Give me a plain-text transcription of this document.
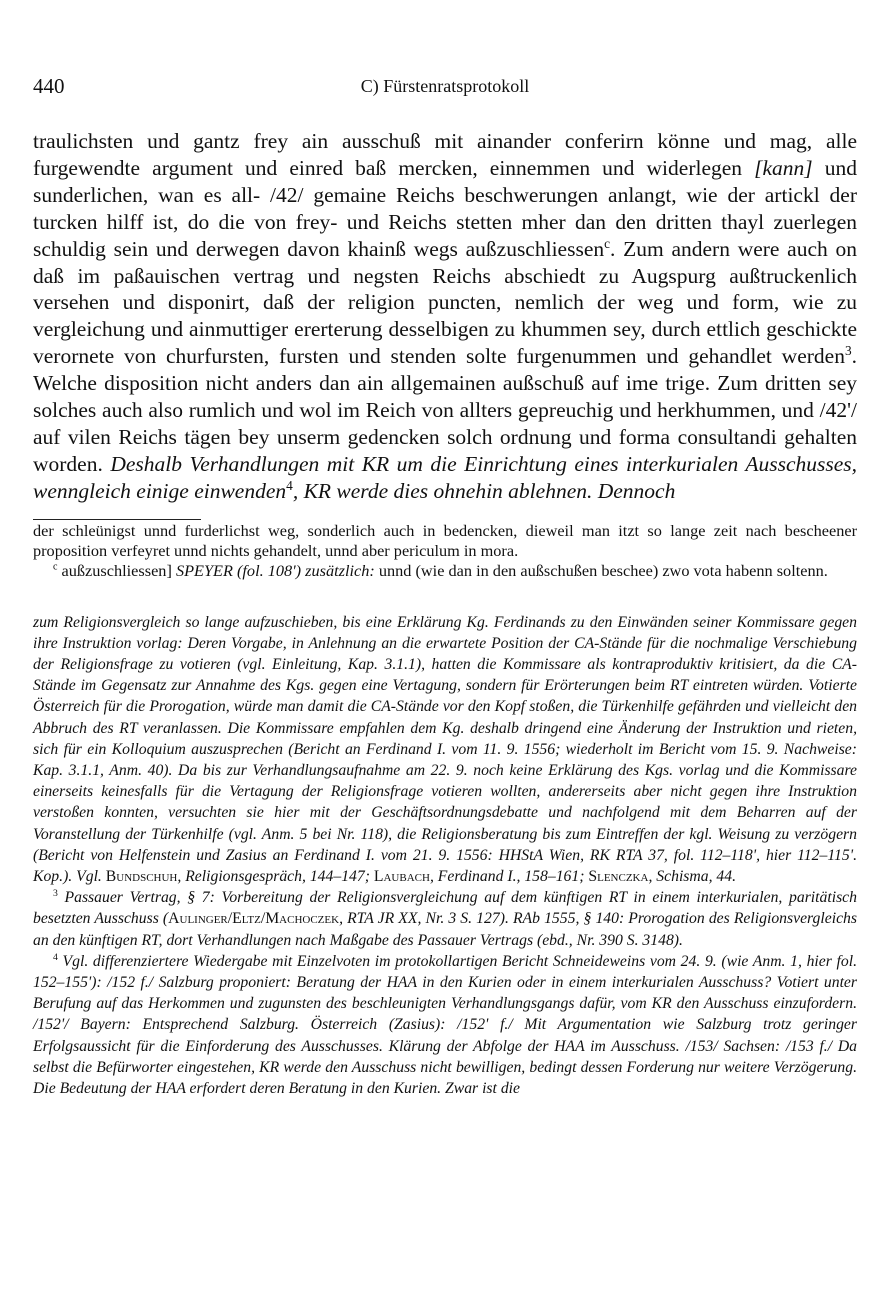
440	C) Fürstenratsprotokoll

traulichsten und gantz frey ain ausschuß mit ainander conferirn könne und mag, alle furgewendte argument und einred baß mercken, einnemmen und widerlegen [kann] und sunderlichen, wan es all- /42/ gemaine Reichs beschwerungen anlangt, wie der artickl der turcken hilff ist, do die von frey- und Reichs stetten mher dan den dritten thayl zuerlegen schuldig sein und derwegen davon khainß wegs außzuschliessen$^c$. Zum andern were auch on daß im paßauischen vertrag und negsten Reichs abschiedt zu Augspurg außtruckenlich versehen und disponirt, daß der religion puncten, nemlich der weg und form, wie zu vergleichung und ainmuttiger ererterung desselbigen zu khummen sey, durch ettlich geschickte verornete von churfursten, fursten und stenden solte furgenummen und gehandlet werden$^3$. Welche disposition nicht anders dan ain allgemainen außschuß auf ime trige. Zum dritten sey solches auch also rumlich und wol im Reich von allters gepreuchig und herkhummen, und /42'/ auf vilen Reichs tägen bey unserm gedencken solch ordnung und forma consultandi gehalten worden. Deshalb Verhandlungen mit KR um die Einrichtung eines interkurialen Ausschusses, wenngleich einige einwenden$^4$, KR werde dies ohnehin ablehnen. Dennoch

der schleünigst unnd furderlichst weg, sonderlich auch in bedencken, dieweil man itzt so lange zeit nach bescheener proposition verfeyret unnd nichts gehandelt, unnd aber periculum in mora.

$^c$ außzuschliessen] SPEYER (fol. 108') zusätzlich: unnd (wie dan in den außschußen beschee) zwo vota habenn soltenn.

zum Religionsvergleich so lange aufzuschieben, bis eine Erklärung Kg. Ferdinands zu den Einwänden seiner Kommissare gegen ihre Instruktion vorlag: Deren Vorgabe, in Anlehnung an die erwartete Position der CA-Stände für die nochmalige Verschiebung der Religionsfrage zu votieren (vgl. Einleitung, Kap. 3.1.1), hatten die Kommissare als kontraproduktiv kritisiert, da die CA-Stände im Gegensatz zur Annahme des Kgs. gegen eine Vertagung, sondern für Erörterungen beim RT eintreten würden. Votierte Österreich für die Prorogation, würde man damit die CA-Stände vor den Kopf stoßen, die Türkenhilfe gefährden und vielleicht den Abbruch des RT veranlassen. Die Kommissare empfahlen dem Kg. deshalb dringend eine Änderung der Instruktion und rieten, sich für ein Kolloquium auszusprechen (Bericht an Ferdinand I. vom 11. 9. 1556; wiederholt im Bericht vom 15. 9. Nachweise: Kap. 3.1.1, Anm. 40). Da bis zur Verhandlungsaufnahme am 22. 9. noch keine Erklärung des Kgs. vorlag und die Kommissare einerseits keinesfalls für die Vertagung der Religionsfrage votieren wollten, andererseits aber nicht gegen ihre Instruktion verstoßen konnten, versuchten sie hier mit der Geschäftsordnungsdebatte und nachfolgend mit dem Beharren auf der Voranstellung der Türkenhilfe (vgl. Anm. 5 bei Nr. 118), die Religionsberatung bis zum Eintreffen der kgl. Weisung zu verzögern (Bericht von Helfenstein und Zasius an Ferdinand I. vom 21. 9. 1556: HHStA Wien, RK RTA 37, fol. 112–118', hier 112–115'. Kop.). Vgl. Bundschuh, Religionsgespräch, 144–147; Laubach, Ferdinand I., 158–161; Slenczka, Schisma, 44.

$^3$ Passauer Vertrag, § 7: Vorbereitung der Religionsvergleichung auf dem künftigen RT in einem interkurialen, paritätisch besetzten Ausschuss (Aulinger/Eltz/Machoczek, RTA JR XX, Nr. 3 S. 127). RAb 1555, § 140: Prorogation des Religionsvergleichs an den künftigen RT, dort Verhandlungen nach Maßgabe des Passauer Vertrags (ebd., Nr. 390 S. 3148).

$^4$ Vgl. differenziertere Wiedergabe mit Einzelvoten im protokollartigen Bericht Schneideweins vom 24. 9. (wie Anm. 1, hier fol. 152–155'): /152 f./ Salzburg proponiert: Beratung der HAA in den Kurien oder in einem interkurialen Ausschuss? Votiert unter Berufung auf das Herkommen und zugunsten des beschleunigten Verhandlungsgangs dafür, vom KR den Ausschuss einzufordern. /152'/ Bayern: Entsprechend Salzburg. Österreich (Zasius): /152' f./ Mit Argumentation wie Salzburg trotz geringer Erfolgsaussicht für die Einforderung des Ausschusses. Klärung der Abfolge der HAA im Ausschuss. /153/ Sachsen: /153 f./ Da selbst die Befürworter eingestehen, KR werde den Ausschuss nicht bewilligen, bedingt dessen Forderung nur weitere Verzögerung. Die Bedeutung der HAA erfordert deren Beratung in den Kurien. Zwar ist die
